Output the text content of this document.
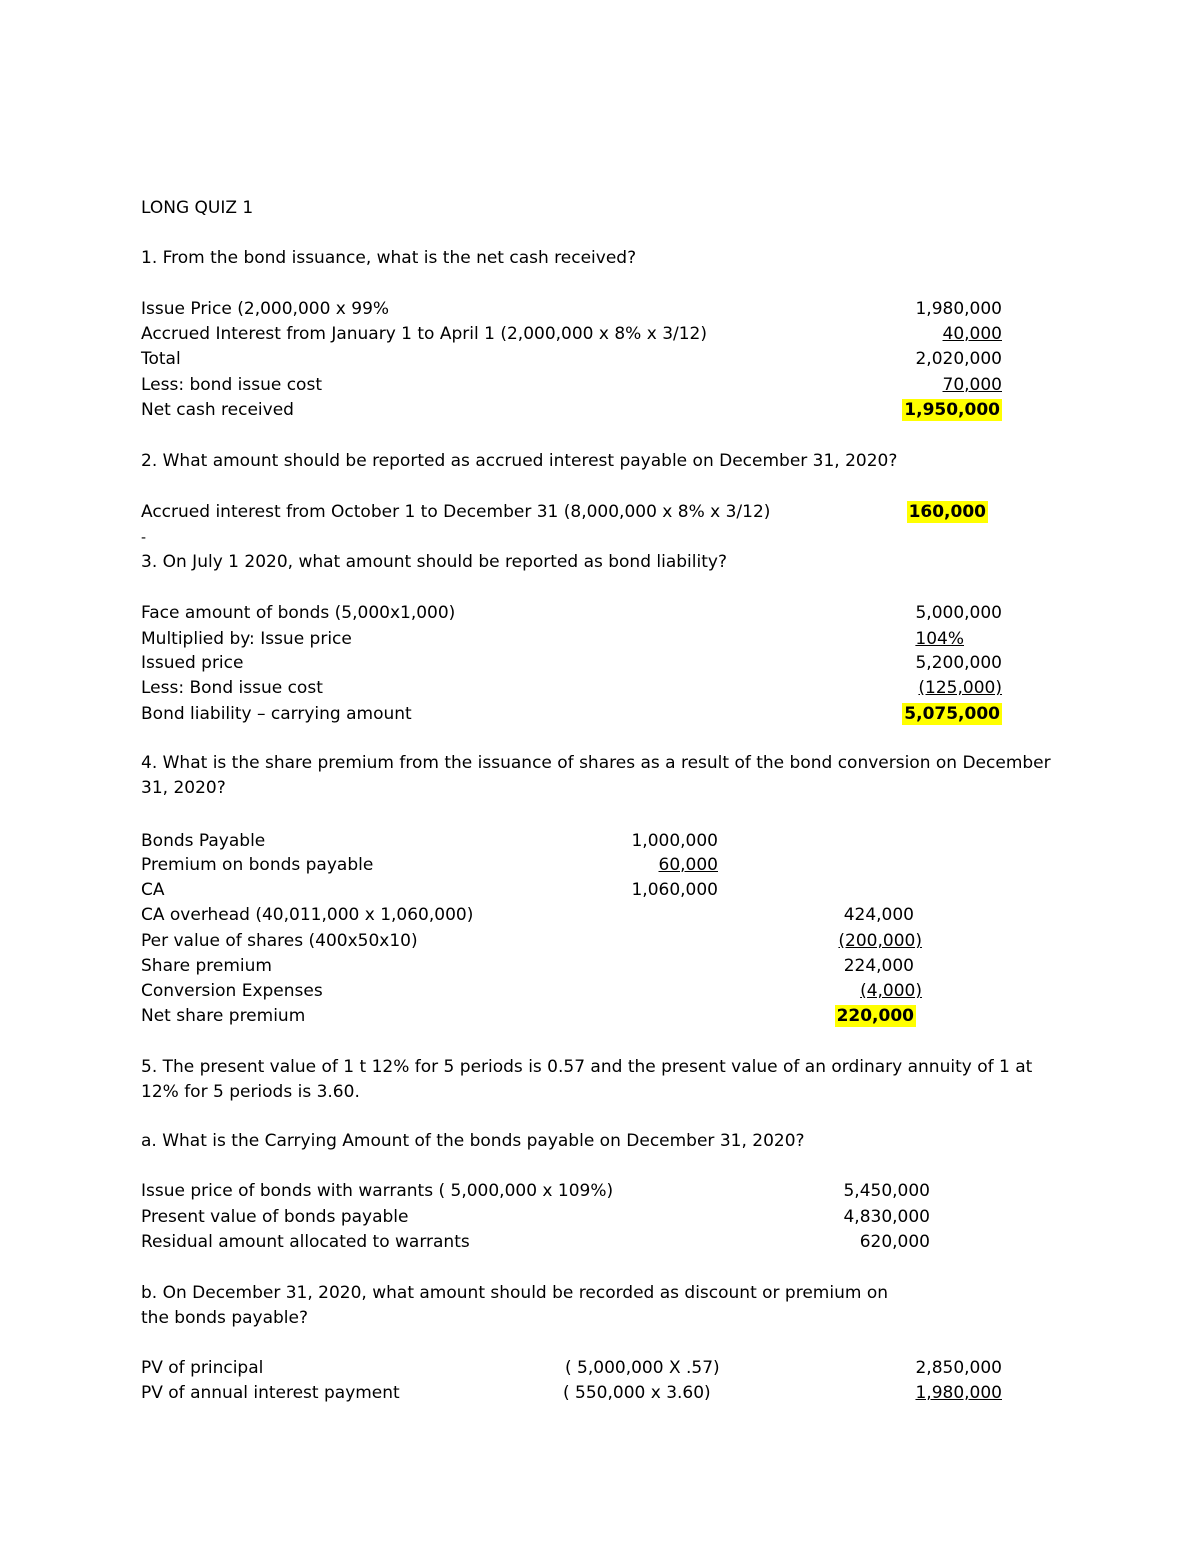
LONG QUIZ 1
1. From the bond issuance, what is the net cash received?
Issue Price (2,000,000 x 99%	1,980,000
Accrued Interest from January 1 to April 1 (2,000,000 x 8% x 3/12)	40,000
Total	2,020,000
Less: bond issue cost	70,000
Net cash received	1,950,000
2. What amount should be reported as accrued interest payable on December 31, 2020?
Accrued interest from October 1 to December 31 (8,000,000 x 8% x 3/12)	160,000
-
3. On July 1 2020, what amount should be reported as bond liability?
Face amount of bonds (5,000x1,000)	5,000,000
Multiplied by: Issue price	104%
Issued price	5,200,000
Less: Bond issue cost	(125,000)
Bond liability – carrying amount	5,075,000
4. What is the share premium from the issuance of shares as a result of the bond conversion on December 31, 2020?
Bonds Payable	1,000,000
Premium on bonds payable	60,000
CA	1,060,000
CA overhead (40,011,000 x 1,060,000)	424,000
Per value of shares (400x50x10)	(200,000)
Share premium	224,000
Conversion Expenses	(4,000)
Net share premium	220,000
5. The present value of 1 t 12% for 5 periods is 0.57 and the present value of an ordinary annuity of 1 at 12% for 5 periods is 3.60.
a. What is the Carrying Amount of the bonds payable on December 31, 2020?
Issue price of bonds with warrants ( 5,000,000 x 109%)	5,450,000
Present value of bonds payable	4,830,000
Residual amount allocated to warrants	620,000
b. On December 31, 2020, what amount should be recorded as discount or premium on the bonds payable?
PV of principal	( 5,000,000 X .57)	2,850,000
PV of annual interest payment	( 550,000 x 3.60)	1,980,000
